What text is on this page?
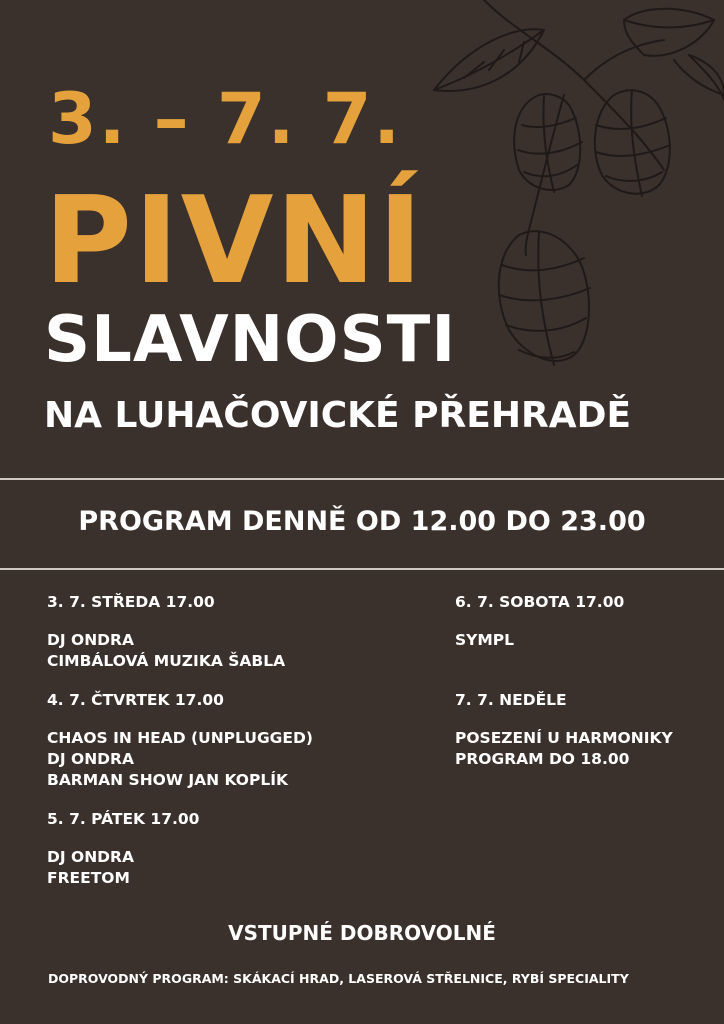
3. – 7. 7.
PIVNÍ
SLAVNOSTI
NA LUHAČOVICKÉ PŘEHRADĚ
PROGRAM DENNĚ OD 12.00 DO 23.00
3. 7. STŘEDA 17.00
DJ ONDRA
CIMBÁLOVÁ MUZIKA ŠABLA
4. 7. ČTVRTEK 17.00
CHAOS IN HEAD (UNPLUGGED)
DJ ONDRA
BARMAN SHOW JAN KOPLÍK
5. 7. PÁTEK 17.00
DJ ONDRA
FREETOM
6. 7. SOBOTA 17.00
SYMPL
7. 7. NEDĚLE
POSEZENÍ U HARMONIKY
PROGRAM DO 18.00
VSTUPNÉ DOBROVOLNÉ
DOPROVODNÝ PROGRAM: SKÁKACÍ HRAD, LASEROVÁ STŘELNICE, RYBÍ SPECIALITY
